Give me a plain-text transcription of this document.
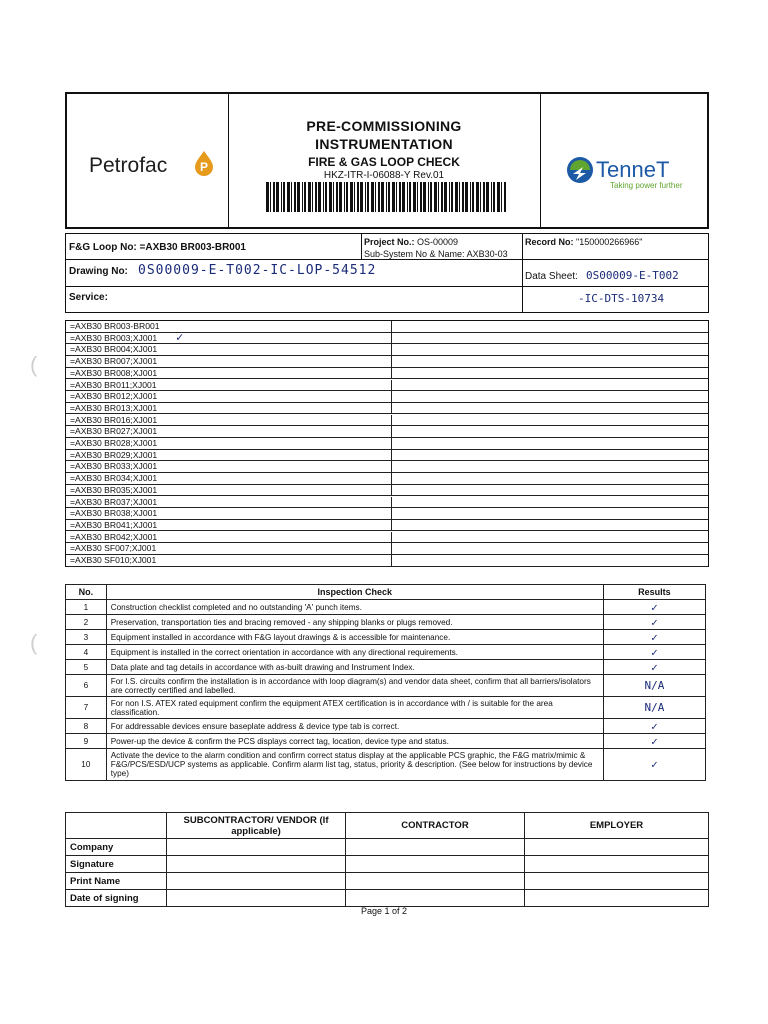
Petrofac	P
PRE-COMMISSIONING
INSTRUMENTATION
FIRE & GAS LOOP CHECK
HKZ-ITR-I-06088-Y Rev.01	TenneT
Taking power further
F&G Loop No: =AXB30 BR003-BR001	Project No.: OS-00009
Sub-System No & Name: AXB30-03
Record No: "150000266966"
Drawing No: 0S00009-E-T002-IC-LOP-54512	Data Sheet: 0S00009-E-T002
-IC-DTS-10734
Service:
=AXB30 BR003-BR001
=AXB30 BR003;XJ001 ✓
=AXB30 BR004;XJ001
=AXB30 BR007;XJ001
=AXB30 BR008;XJ001
=AXB30 BR011;XJ001
=AXB30 BR012;XJ001
=AXB30 BR013;XJ001
=AXB30 BR016;XJ001
=AXB30 BR027;XJ001
=AXB30 BR028;XJ001
=AXB30 BR029;XJ001
=AXB30 BR033;XJ001
=AXB30 BR034;XJ001
=AXB30 BR035;XJ001
=AXB30 BR037;XJ001
=AXB30 BR038;XJ001
=AXB30 BR041;XJ001
=AXB30 BR042;XJ001
=AXB30 SF007;XJ001
=AXB30 SF010;XJ001
(
(
No.	Inspection Check	Results
1	Construction checklist completed and no outstanding 'A' punch items.	✓
2	Preservation, transportation ties and bracing removed - any shipping blanks or plugs removed.	✓
3	Equipment installed in accordance with F&G layout drawings & is accessible for maintenance.	✓
4	Equipment is installed in the correct orientation in accordance with any directional requirements.	✓
5	Data plate and tag details in accordance with as-built drawing and Instrument Index.	✓
6	For I.S. circuits confirm the installation is in accordance with loop diagram(s) and vendor data sheet, confirm that all barriers/isolators are correctly certified and labelled.	N/A
7	For non I.S. ATEX rated equipment confirm the equipment ATEX certification is in accordance with / is suitable for the area classification.	N/A
8	For addressable devices ensure baseplate address & device type tab is correct.	✓
9	Power-up the device & confirm the PCS displays correct tag, location, device type and status.	✓
10	Activate the device to the alarm condition and confirm correct status display at the applicable PCS graphic, the F&G matrix/mimic & F&G/PCS/ESD/UCP systems as applicable. Confirm alarm list tag, status, priority & description. (See below for instructions by device type)	✓
	SUBCONTRACTOR/ VENDOR (If applicable)	CONTRACTOR	EMPLOYER
Company			
Signature			
Print Name			
Date of signing			
Page 1 of 2
